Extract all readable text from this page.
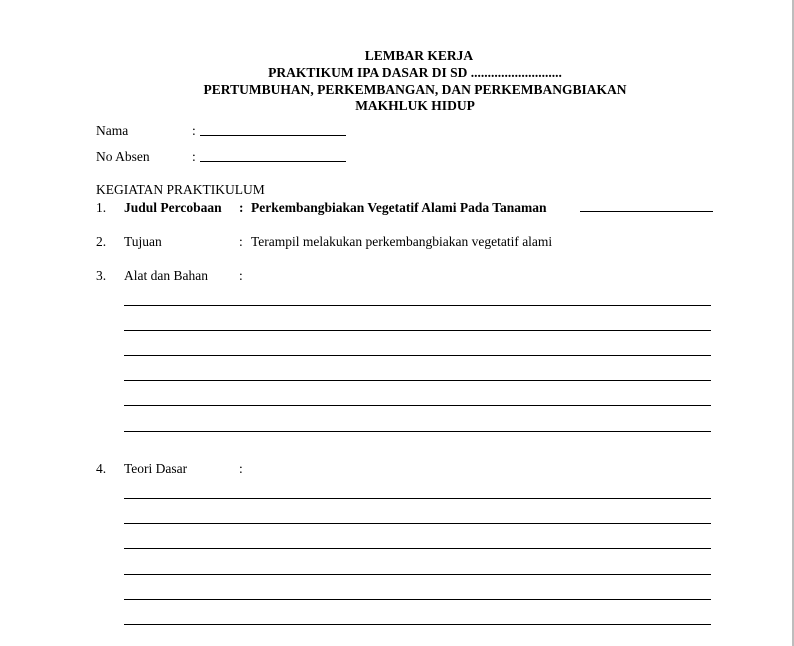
LEMBAR KERJA
PRAKTIKUM IPA DASAR DI SD ...........................
PERTUMBUHAN, PERKEMBANGAN, DAN PERKEMBANGBIAKAN
MAKHLUK HIDUP
Nama	:
No Absen	:
KEGIATAN PRAKTIKULUM
1. Judul Percobaan : Perkembangbiakan Vegetatif Alami Pada Tanaman
2. Tujuan	: Terampil melakukan perkembangbiakan vegetatif alami
3. Alat dan Bahan :
4. Teori Dasar	:
